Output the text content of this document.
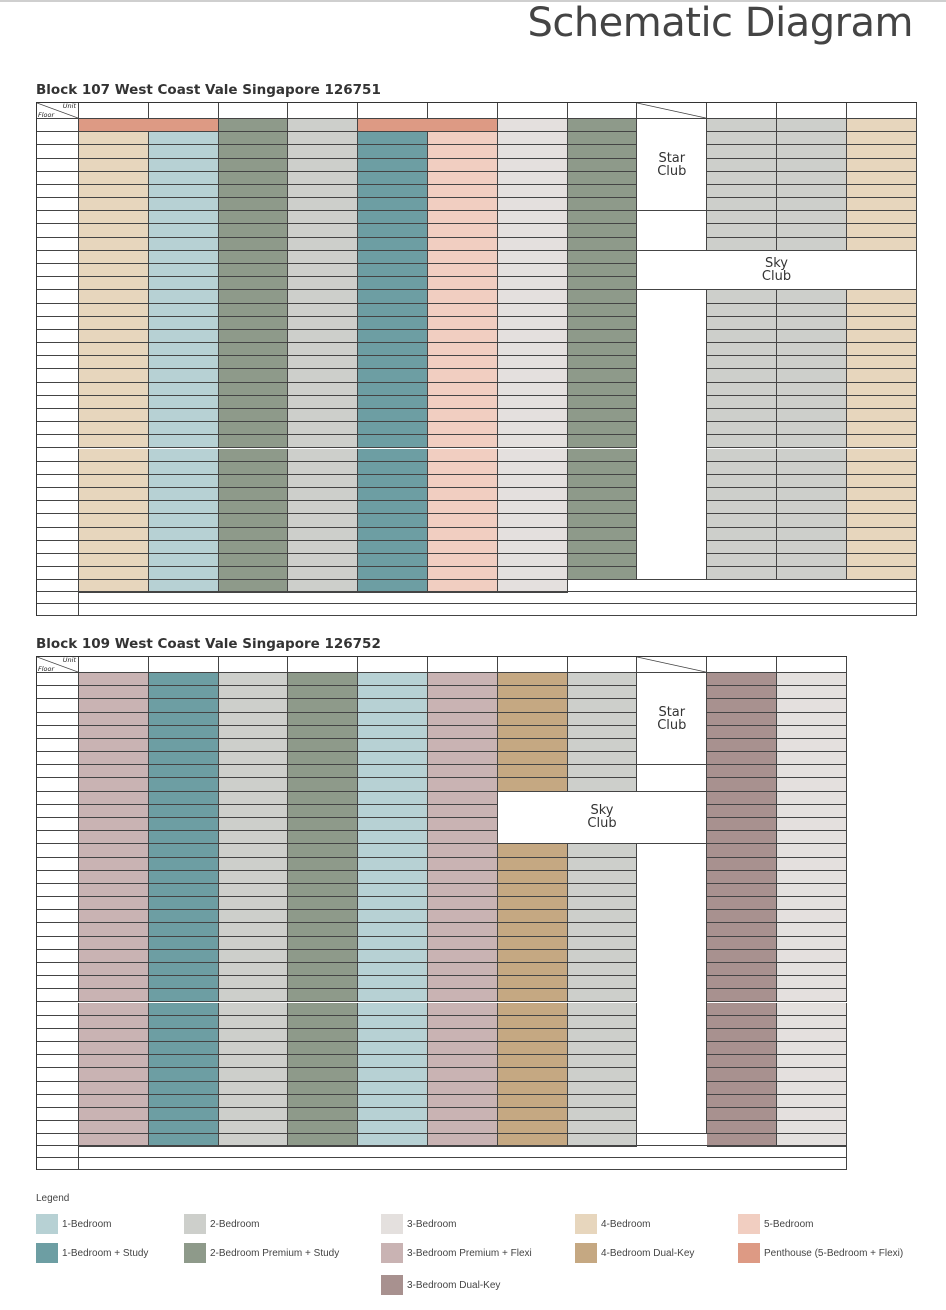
Schematic Diagram
Block 107 West Coast Vale Singapore 126751
Unit
Floor
Star
Club
Sky
Club
Block 109 West Coast Vale Singapore 126752
Unit
Floor
Star
Club
Sky
Club
Legend
1-Bedroom	2-Bedroom	3-Bedroom	4-Bedroom	5-Bedroom
1-Bedroom + Study	2-Bedroom Premium + Study	3-Bedroom Premium + Flexi	4-Bedroom Dual-Key	Penthouse (5-Bedroom + Flexi)
3-Bedroom Dual-Key
